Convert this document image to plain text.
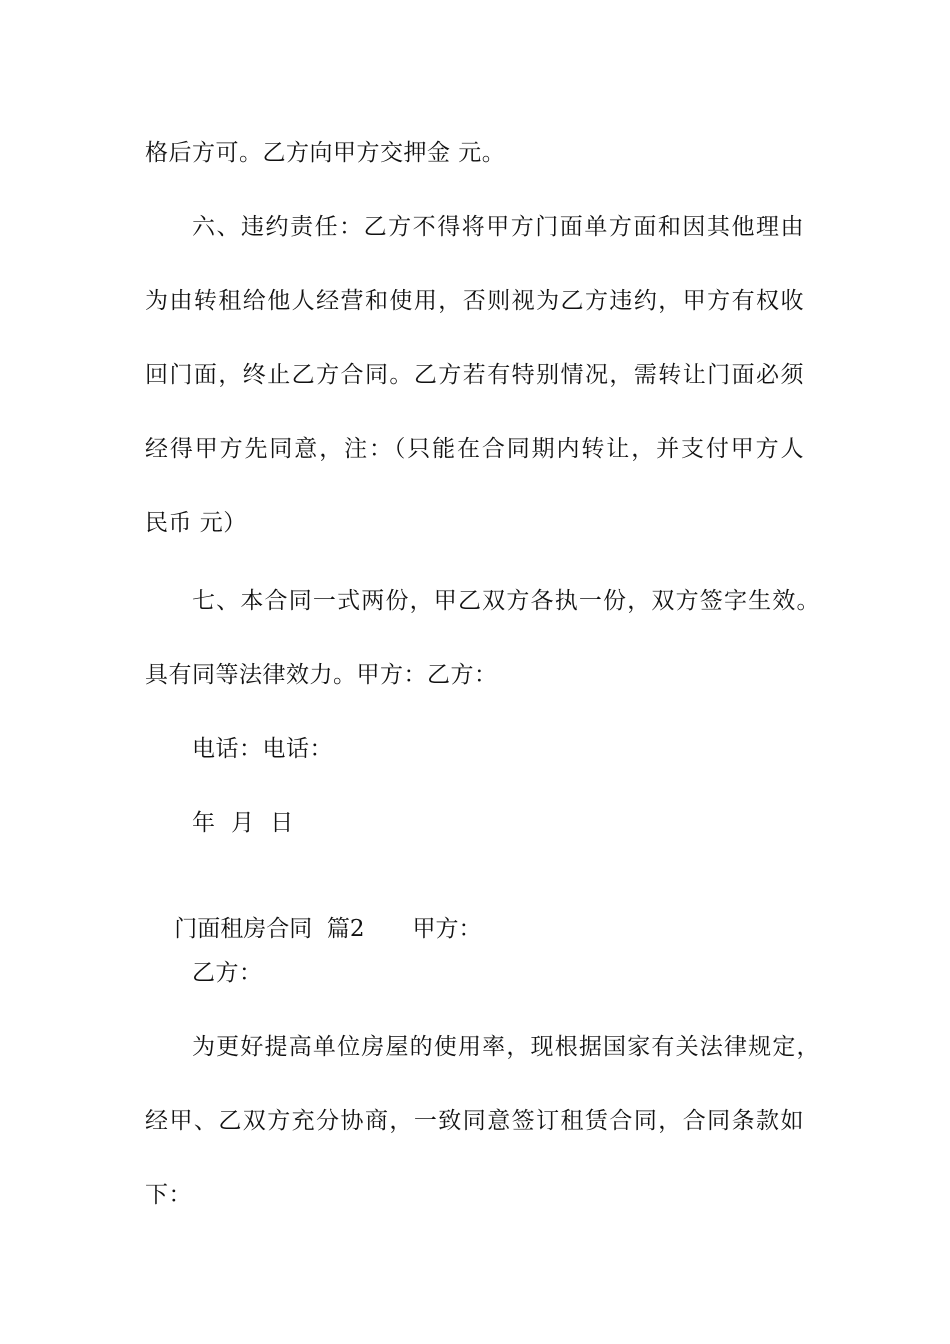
格后方可。乙方向甲方交押金 元。
六、违约责任：乙方不得将甲方门面单方面和因其他理由
为由转租给他人经营和使用，否则视为乙方违约，甲方有权收
回门面，终止乙方合同。乙方若有特别情况，需转让门面必须
经得甲方先同意，注：（只能在合同期内转让，并支付甲方人
民币 元）
七、本合同一式两份，甲乙双方各执一份，双方签字生效。
具有同等法律效力。甲方：乙方：
电话：电话：
年  月  日

门面租房合同  篇2 甲方：

乙方：
为更好提高单位房屋的使用率，现根据国家有关法律规定，
经甲、乙双方充分协商，一致同意签订租赁合同，合同条款如
下：
